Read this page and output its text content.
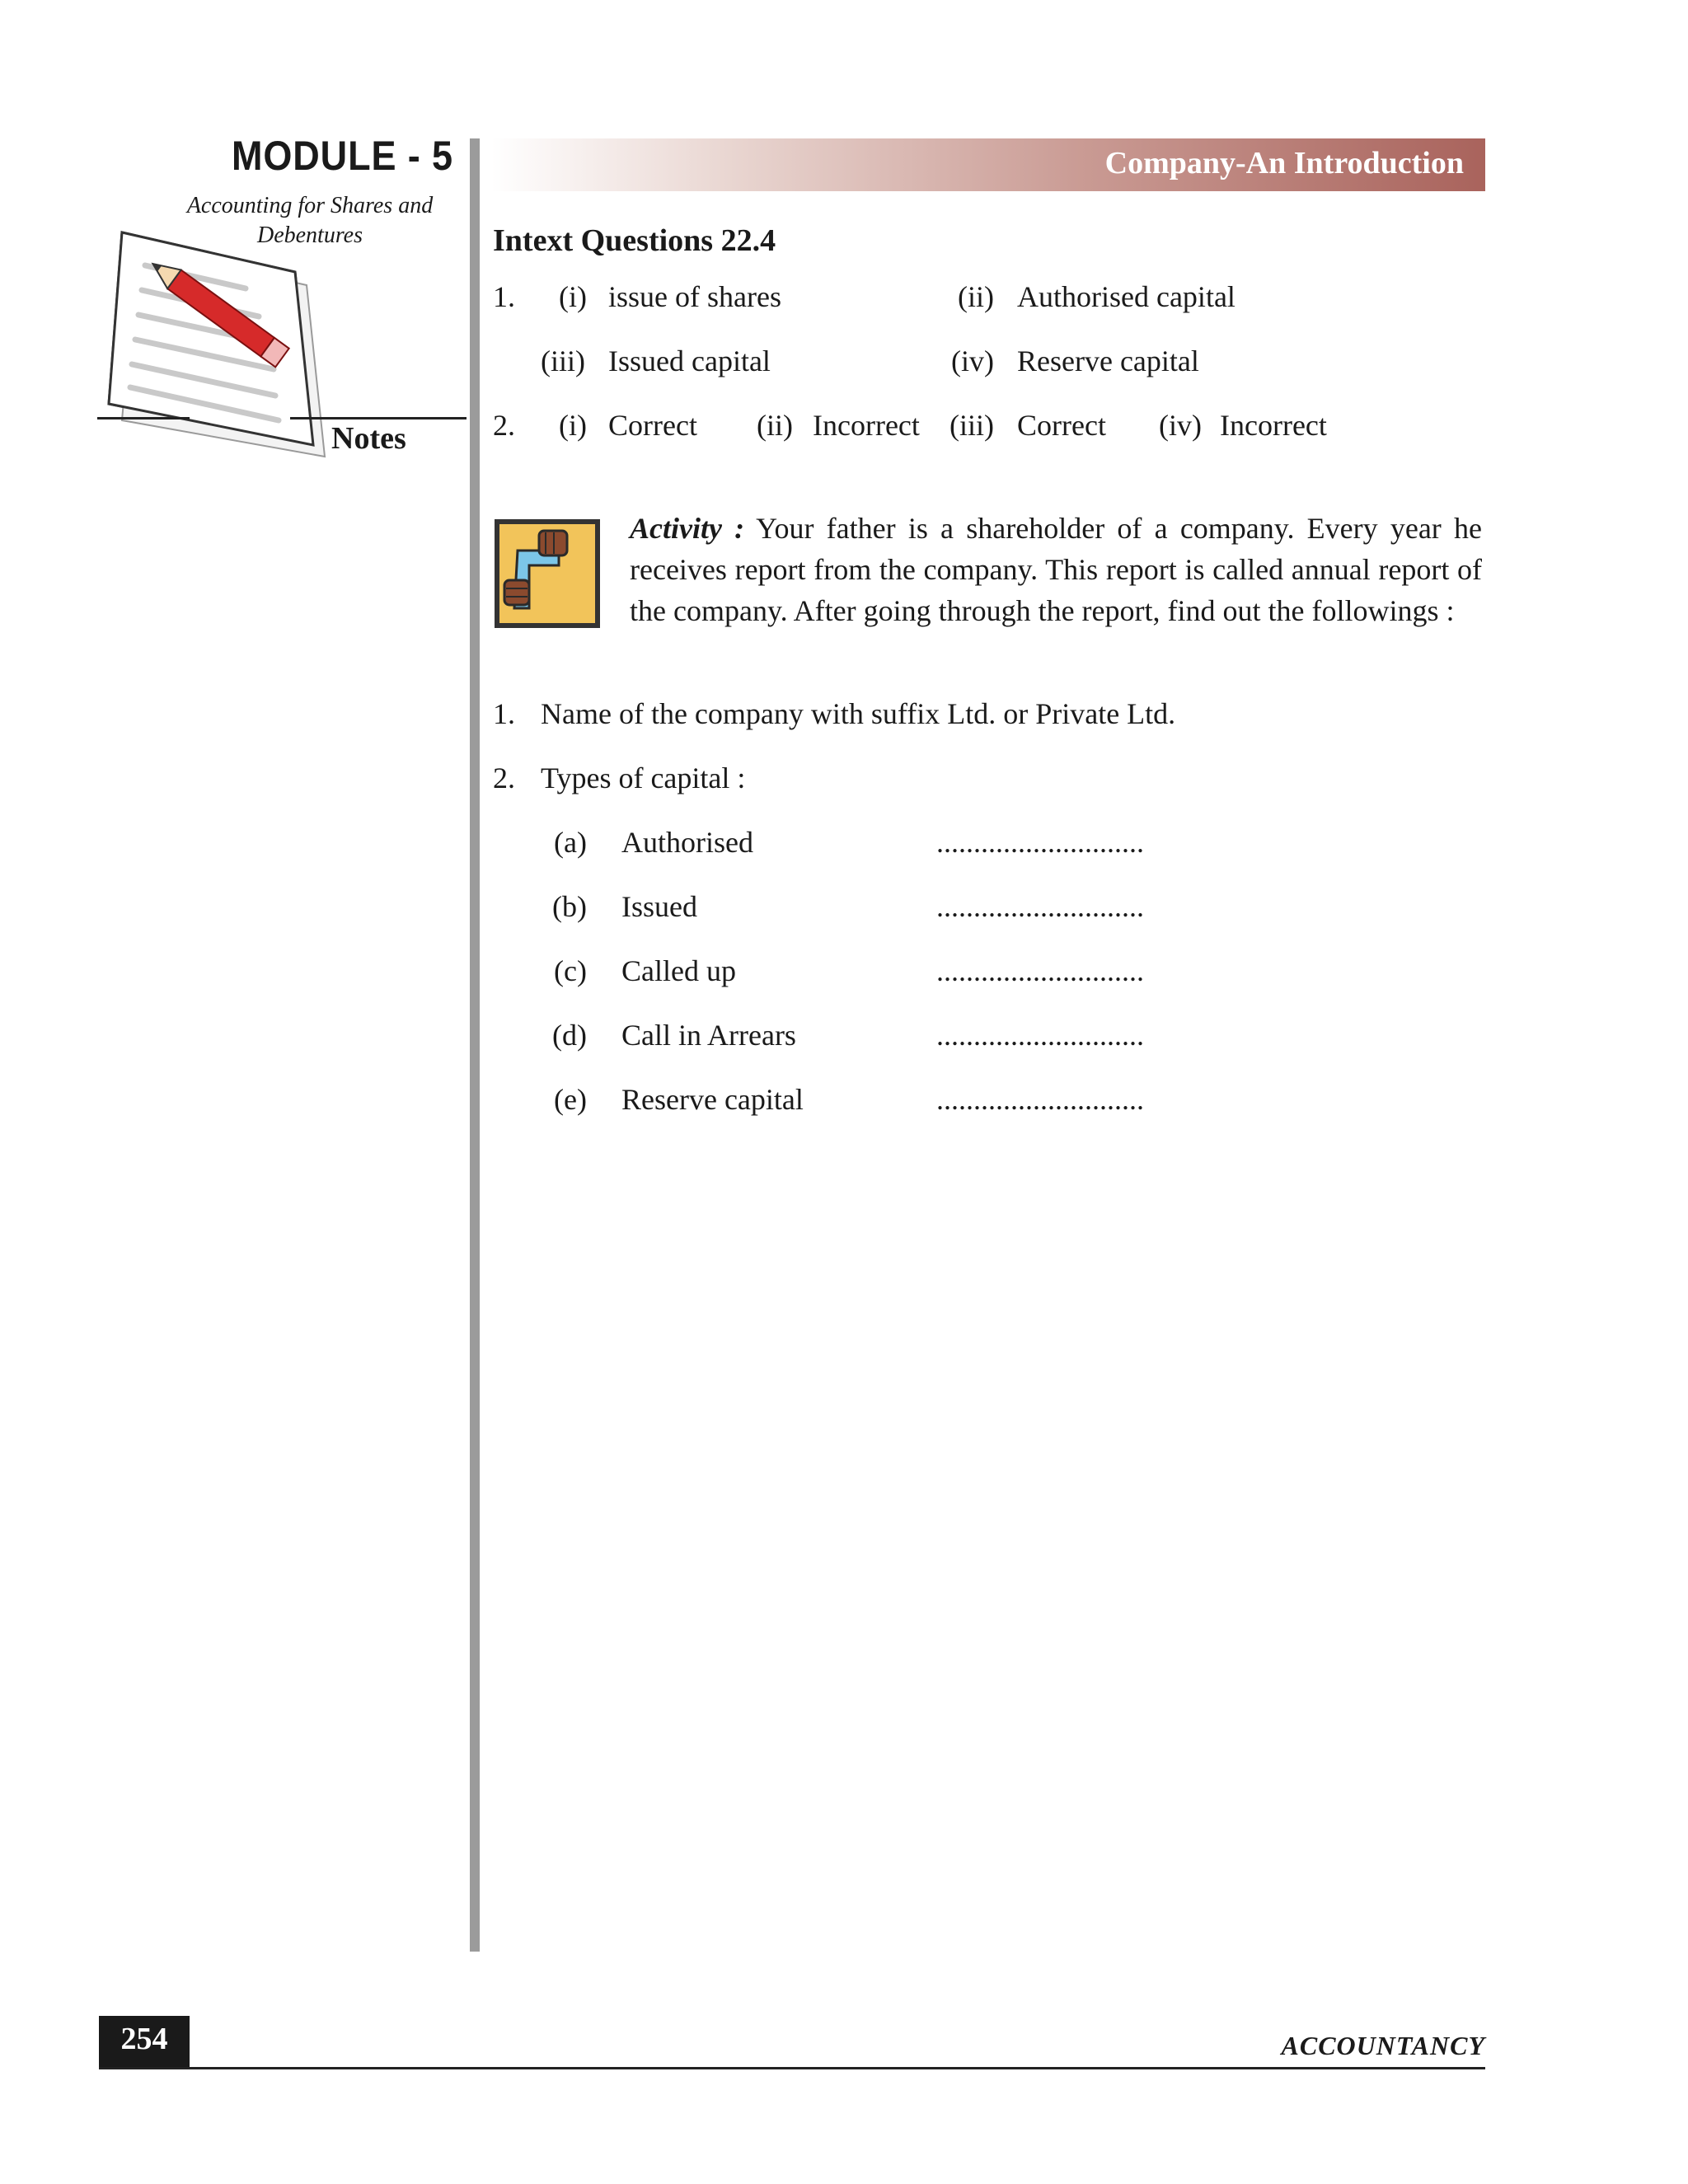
MODULE - 5
Accounting for Shares and Debentures
Notes
Company-An Introduction
Intext Questions 22.4
1. (i) issue of shares	(ii) Authorised capital
(iii) Issued capital	(iv) Reserve capital
2. (i) Correct (ii) Incorrect (iii) Correct (iv) Incorrect
Activity : Your father is a shareholder of a company. Every year he receives report from the company. This report is called annual report of the company. After going through the report, find out the followings :
1. Name of the company with suffix Ltd. or Private Ltd.
2. Types of capital :
(a) Authorised	............................
(b) Issued	............................
(c) Called up	............................
(d) Call in Arrears	............................
(e) Reserve capital	............................
254	ACCOUNTANCY
